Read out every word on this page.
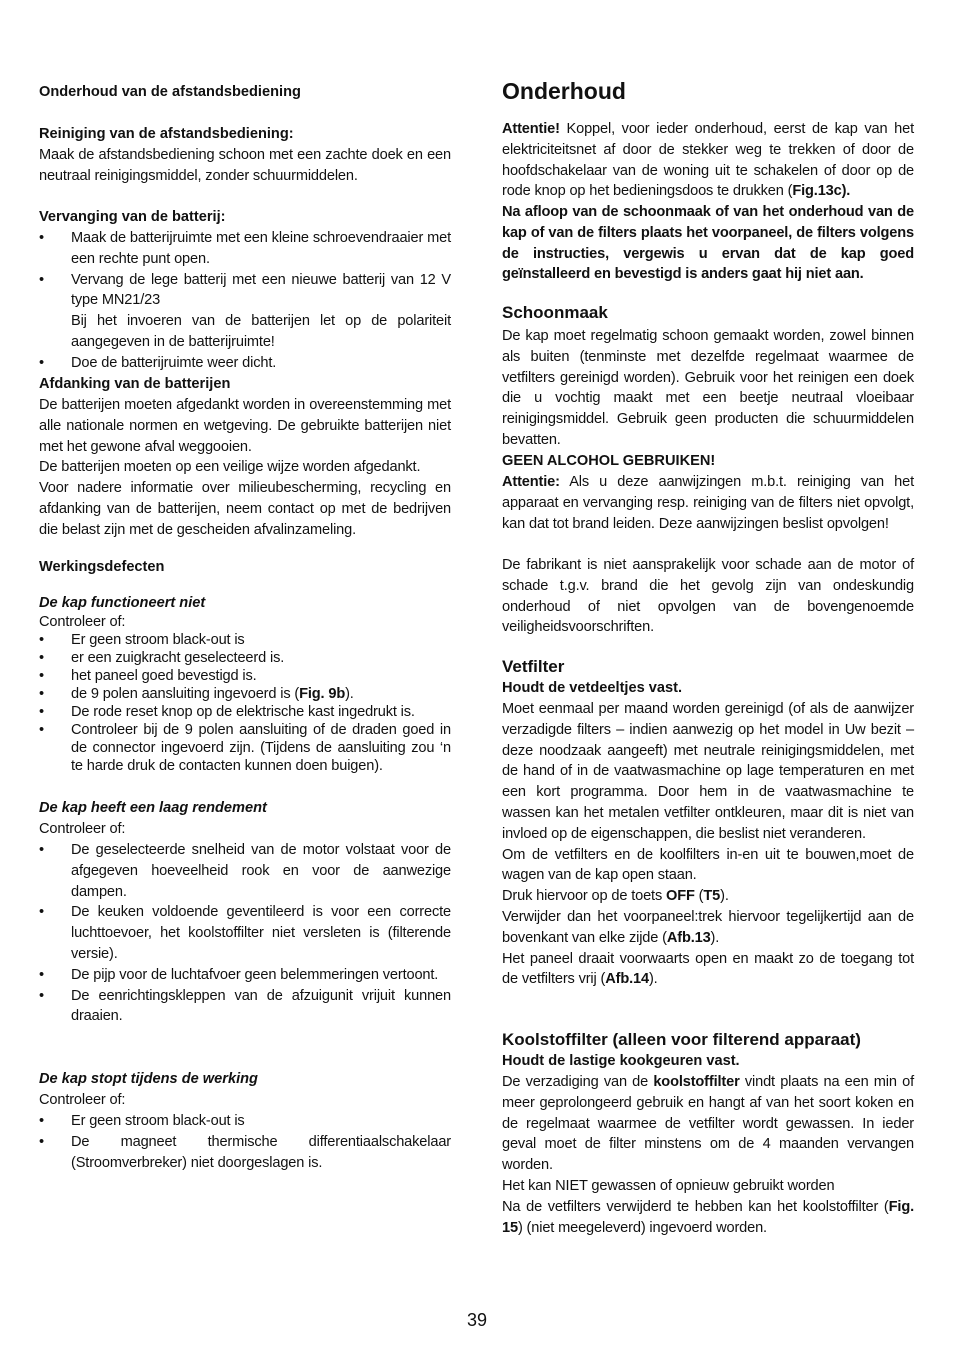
Onderhoud van de afstandsbediening
Reiniging van de afstandsbediening:

Maak de afstandsbediening schoon met een zachte doek en een neutraal reinigingsmiddel, zonder schuurmiddelen.

Vervanging van de batterij:
• Maak de batterijruimte met een kleine schroevendraaier met een rechte punt open.
• Vervang de lege batterij met een nieuwe batterij van 12 V type MN21/23
Bij het invoeren van de batterijen let op de polariteit aangegeven in de batterijruimte!
• Doe de batterijruimte weer dicht.
Afdanking van de batterijen

De batterijen moeten afgedankt worden in overeenstemming met alle nationale normen en wetgeving. De gebruikte batterijen niet met het gewone afval weggooien.

De batterijen moeten op een veilige wijze worden afgedankt.

Voor nadere informatie over milieubescherming, recycling en afdanking van de batterijen, neem contact op met de bedrijven die belast zijn met de gescheiden afvalinzameling.

Werkingsdefecten
De kap functioneert niet
Controleer of:
• Er geen stroom black-out is
• er een zuigkracht geselecteerd is.
• het paneel goed bevestigd is.
• de 9 polen aansluiting ingevoerd is (Fig. 9b).
• De rode reset knop op de elektrische kast ingedrukt is.
• Controleer bij de 9 polen aansluiting of de draden goed in de connector ingevoerd zijn. (Tijdens de aansluiting zou ‘n te harde druk de contacten kunnen doen buigen).
De kap heeft een laag rendement
Controleer of:
• De geselecteerde snelheid van de motor volstaat voor de afgegeven hoeveelheid rook en voor de aanwezige dampen.
• De keuken voldoende geventileerd is voor een correcte luchttoevoer, het koolstoffilter niet versleten is (filterende versie).
• De pijp voor de luchtafvoer geen belemmeringen vertoont.
• De eenrichtingskleppen van de afzuigunit vrijuit kunnen draaien.
De kap stopt tijdens de werking
Controleer of:
• Er geen stroom black-out is
• De magneet thermische differentiaalschakelaar (Stroomverbreker) niet doorgeslagen is.
Onderhoud

Attentie! Koppel, voor ieder onderhoud, eerst de kap van het elektriciteitsnet af door de stekker weg te trekken of door de hoofdschakelaar van de woning uit te schakelen of door op de rode knop op het bedieningsdoos te drukken (Fig.13c).

Na afloop van de schoonmaak of van het onderhoud van de kap of van de filters plaats het voorpaneel, de filters volgens de instructies, vergewis u ervan dat de kap goed geïnstalleerd en bevestigd is anders gaat hij niet aan.

Schoonmaak

De kap moet regelmatig schoon gemaakt worden, zowel binnen als buiten (tenminste met dezelfde regelmaat waarmee de vetfilters gereinigd worden). Gebruik voor het reinigen een doek die u vochtig maakt met een beetje neutraal vloeibaar reinigingsmiddel. Gebruik geen producten die schuurmiddelen bevatten.

GEEN ALCOHOL GEBRUIKEN!

Attentie: Als u deze aanwijzingen m.b.t. reiniging van het apparaat en vervanging resp. reiniging van de filters niet opvolgt, kan dat tot brand leiden. Deze aanwijzingen beslist opvolgen!

De fabrikant is niet aansprakelijk voor schade aan de motor of schade t.g.v. brand die het gevolg zijn van ondeskundig onderhoud of niet opvolgen van de bovengenoemde veiligheidsvoorschriften.

Vetfilter
Houdt de vetdeeltjes vast.

Moet eenmaal per maand worden gereinigd (of als de aanwijzer verzadigde filters – indien aanwezig op het model in Uw bezit – deze noodzaak aangeeft) met neutrale reinigingsmiddelen, met de hand of in de vaatwasmachine op lage temperaturen en met een kort programma. Door hem in de vaatwasmachine te wassen kan het metalen vetfilter ontkleuren, maar dit is niet van invloed op de eigenschappen, die beslist niet veranderen.

Om de vetfilters en de koolfilters in-en uit te bouwen,moet de wagen van de kap open staan.

Druk hiervoor op de toets OFF (T5).

Verwijder dan het voorpaneel:trek hiervoor tegelijkertijd aan de bovenkant van elke zijde (Afb.13).

Het paneel draait voorwaarts open en maakt zo de toegang tot de vetfilters vrij (Afb.14).

Koolstoffilter (alleen voor filterend apparaat)
Houdt de lastige kookgeuren vast.

De verzadiging van de koolstoffilter vindt plaats na een min of meer geprolongeerd gebruik en hangt af van het soort koken en de regelmaat waarmee de vetfilter wordt gewassen. In ieder geval moet de filter minstens om de 4 maanden vervangen worden.

Het kan NIET gewassen of opnieuw gebruikt worden

Na de vetfilters verwijderd te hebben kan het koolstoffilter (Fig. 15) (niet meegeleverd) ingevoerd worden.

39
